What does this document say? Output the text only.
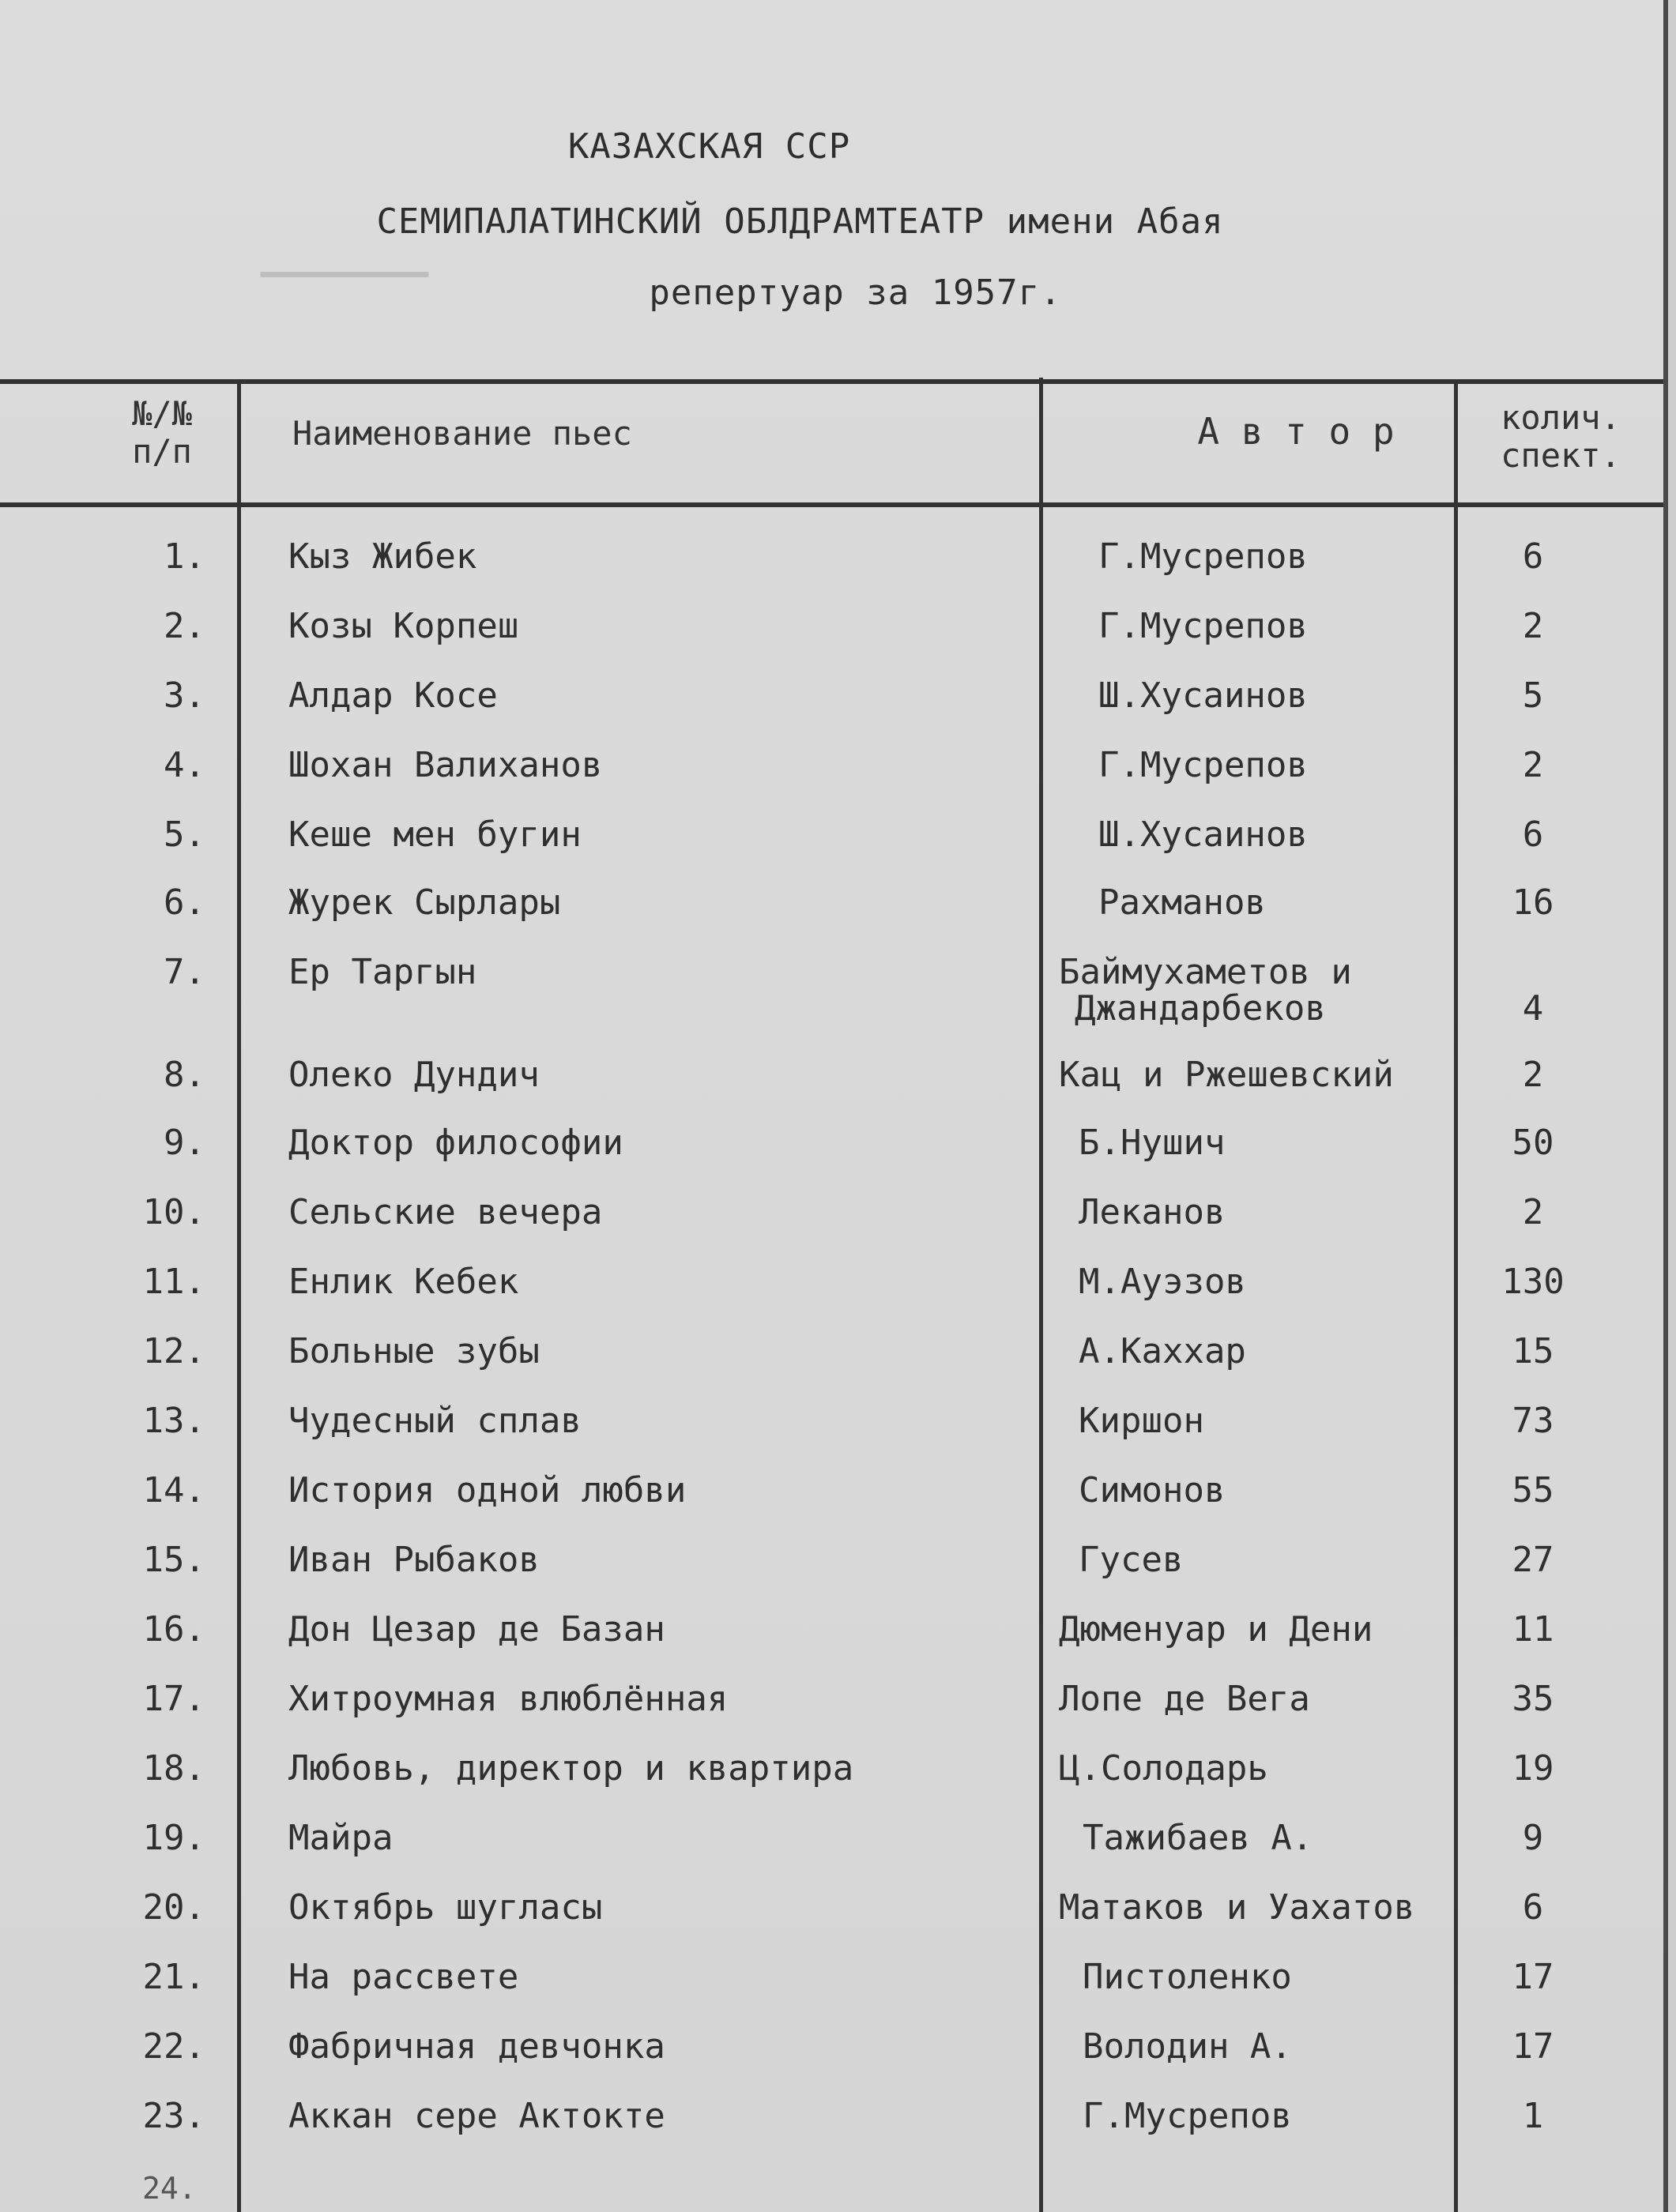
▁▁▁▁▁▁▁▁
КАЗАХСКАЯ ССР
СЕМИПАЛАТИНСКИЙ ОБЛДРАМТЕАТР имени Абая
репертуар за 1957г.
№/№
п/п	Наименование пьес	А в т о р	колич.
спект.
1. Кыз Жибек	Г.Мусрепов	6
2. Козы Корпеш	Г.Мусрепов	2
3. Алдар Косе	Ш.Хусаинов	5
4. Шохан Валиханов	Г.Мусрепов	2
5. Кеше мен бугин	Ш.Хусаинов	6
6. Журек Сырлары	Рахманов	16
7. Ер Таргын	Баймухаметов и
Джандарбеков	4
8. Олеко Дундич	Кац и Ржешевский	2
9. Доктор философии	Б.Нушич	50
10. Сельские вечера	Леканов	2
11. Енлик Кебек	М.Ауэзов	130
12. Больные зубы	А.Каххар	15
13. Чудесный сплав	Киршон	73
14. История одной любви	Симонов	55
15. Иван Рыбаков	Гусев	27
16. Дон Цезар де Базан	Дюменуар и Дени	11
17. Хитроумная влюблённая	Лопе де Вега	35
18. Любовь, директор и квартира	Ц.Солодарь	19
19. Майра	Тажибаев А.	9
20. Октябрь шугласы	Матаков и Уахатов	6
21. На рассвете	Пистоленко	17
22. Фабричная девчонка	Володин А.	17
23. Аккан сере Актокте	Г.Мусрепов	1
24.
